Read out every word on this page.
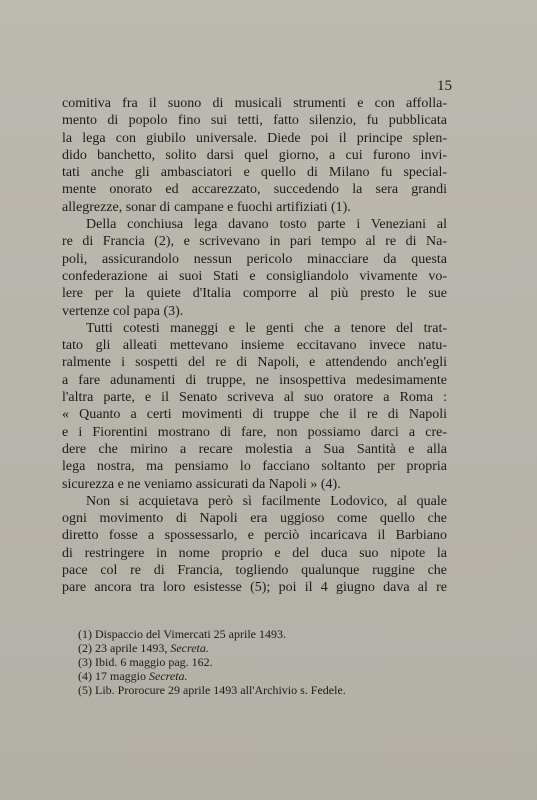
15
comitiva fra il suono di musicali strumenti e con affolla-
mento di popolo fino sui tetti, fatto silenzio, fu pubblicata
la lega con giubilo universale. Diede poi il principe splen-
dido banchetto, solito darsi quel giorno, a cui furono invi-
tati anche gli ambasciatori e quello di Milano fu special-
mente onorato ed accarezzato, succedendo la sera grandi
allegrezze, sonar di campane e fuochi artifiziati (1).
Della conchiusa lega davano tosto parte i Veneziani al
re di Francia (2), e scrivevano in pari tempo al re di Na-
poli, assicurandolo nessun pericolo minacciare da questa
confederazione ai suoi Stati e consigliandolo vivamente vo-
lere per la quiete d'Italia comporre al più presto le sue
vertenze col papa (3).
Tutti cotesti maneggi e le genti che a tenore del trat-
tato gli alleati mettevano insieme eccitavano invece natu-
ralmente i sospetti del re di Napoli, e attendendo anch'egli
a fare adunamenti di truppe, ne insospettiva medesimamente
l'altra parte, e il Senato scriveva al suo oratore a Roma :
« Quanto a certi movimenti di truppe che il re di Napoli
e i Fiorentini mostrano di fare, non possiamo darci a cre-
dere che mirino a recare molestia a Sua Santità e alla
lega nostra, ma pensiamo lo facciano soltanto per propria
sicurezza e ne veniamo assicurati da Napoli » (4).
Non si acquietava però sì facilmente Lodovico, al quale
ogni movimento di Napoli era uggioso come quello che
diretto fosse a spossessarlo, e perciò incaricava il Barbiano
di restringere in nome proprio e del duca suo nipote la
pace col re di Francia, togliendo qualunque ruggine che
pare ancora tra loro esistesse (5); poi il 4 giugno dava al re
(1) Dispaccio del Vimercati 25 aprile 1493.
(2) 23 aprile 1493, Secreta.
(3) Ibid. 6 maggio pag. 162.
(4) 17 maggio Secreta.
(5) Lib. Prorocure 29 aprile 1493 all'Archivio s. Fedele.
